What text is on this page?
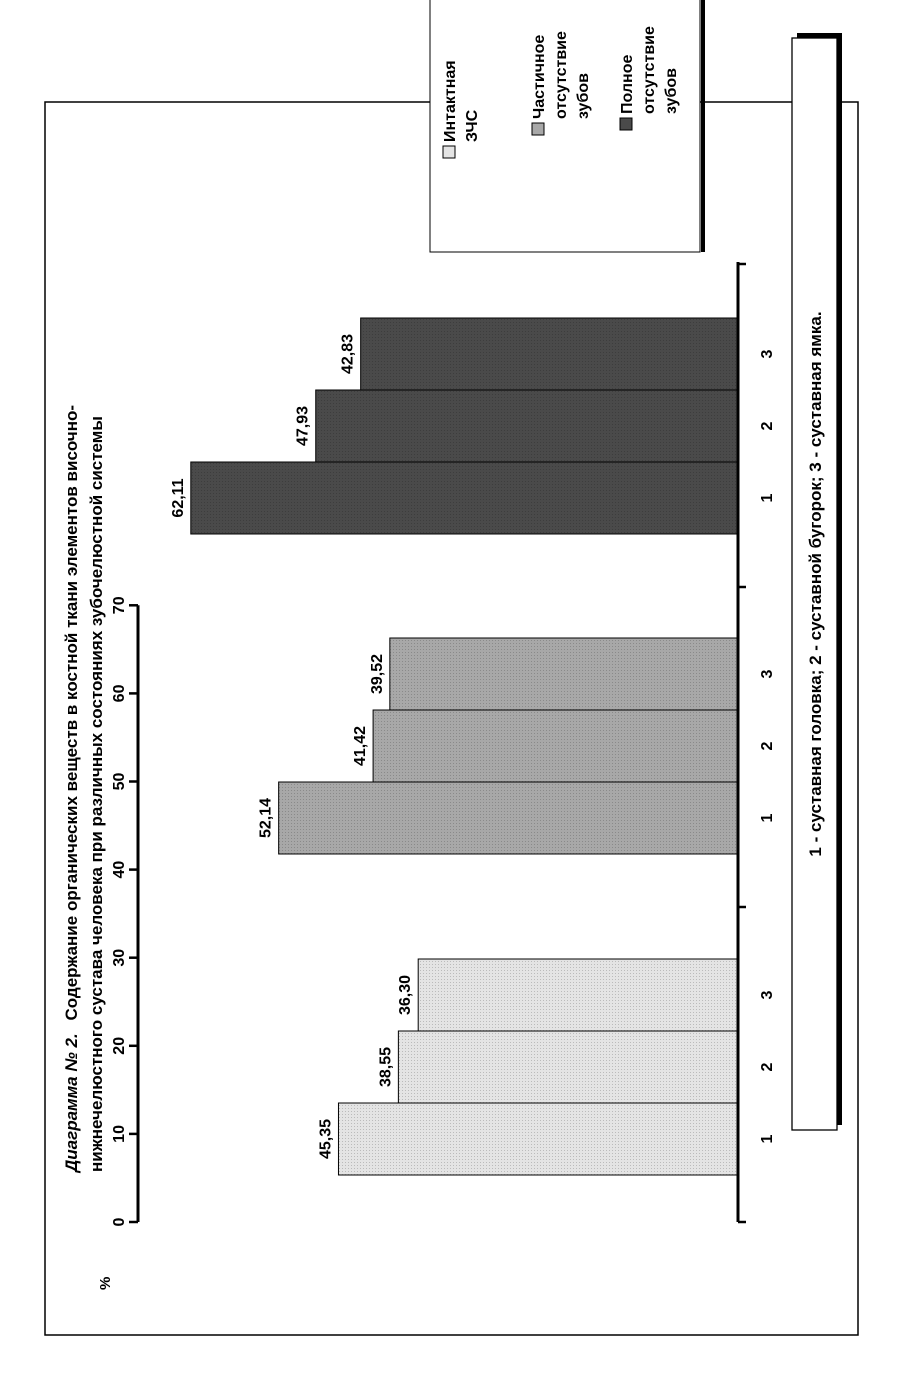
Диаграмма № 2. Содержание органических веществ в костной ткани элементов височно- нижнечелюстного сустава человека при различных состояниях зубочелюстной системы
Интактная ЗЧС
Частичное отсутствие зубов Полное отсутствие зубов
0
10
20
30
40
50
60
70
%
45,35	1
38,55	2
36,30	3
52,14	1
41,42	2
39,52	3
62,11	1
47,93	2
42,83	3 1 - суставная головка; 2 - суставной бугорок; 3 - суставная ямка.
